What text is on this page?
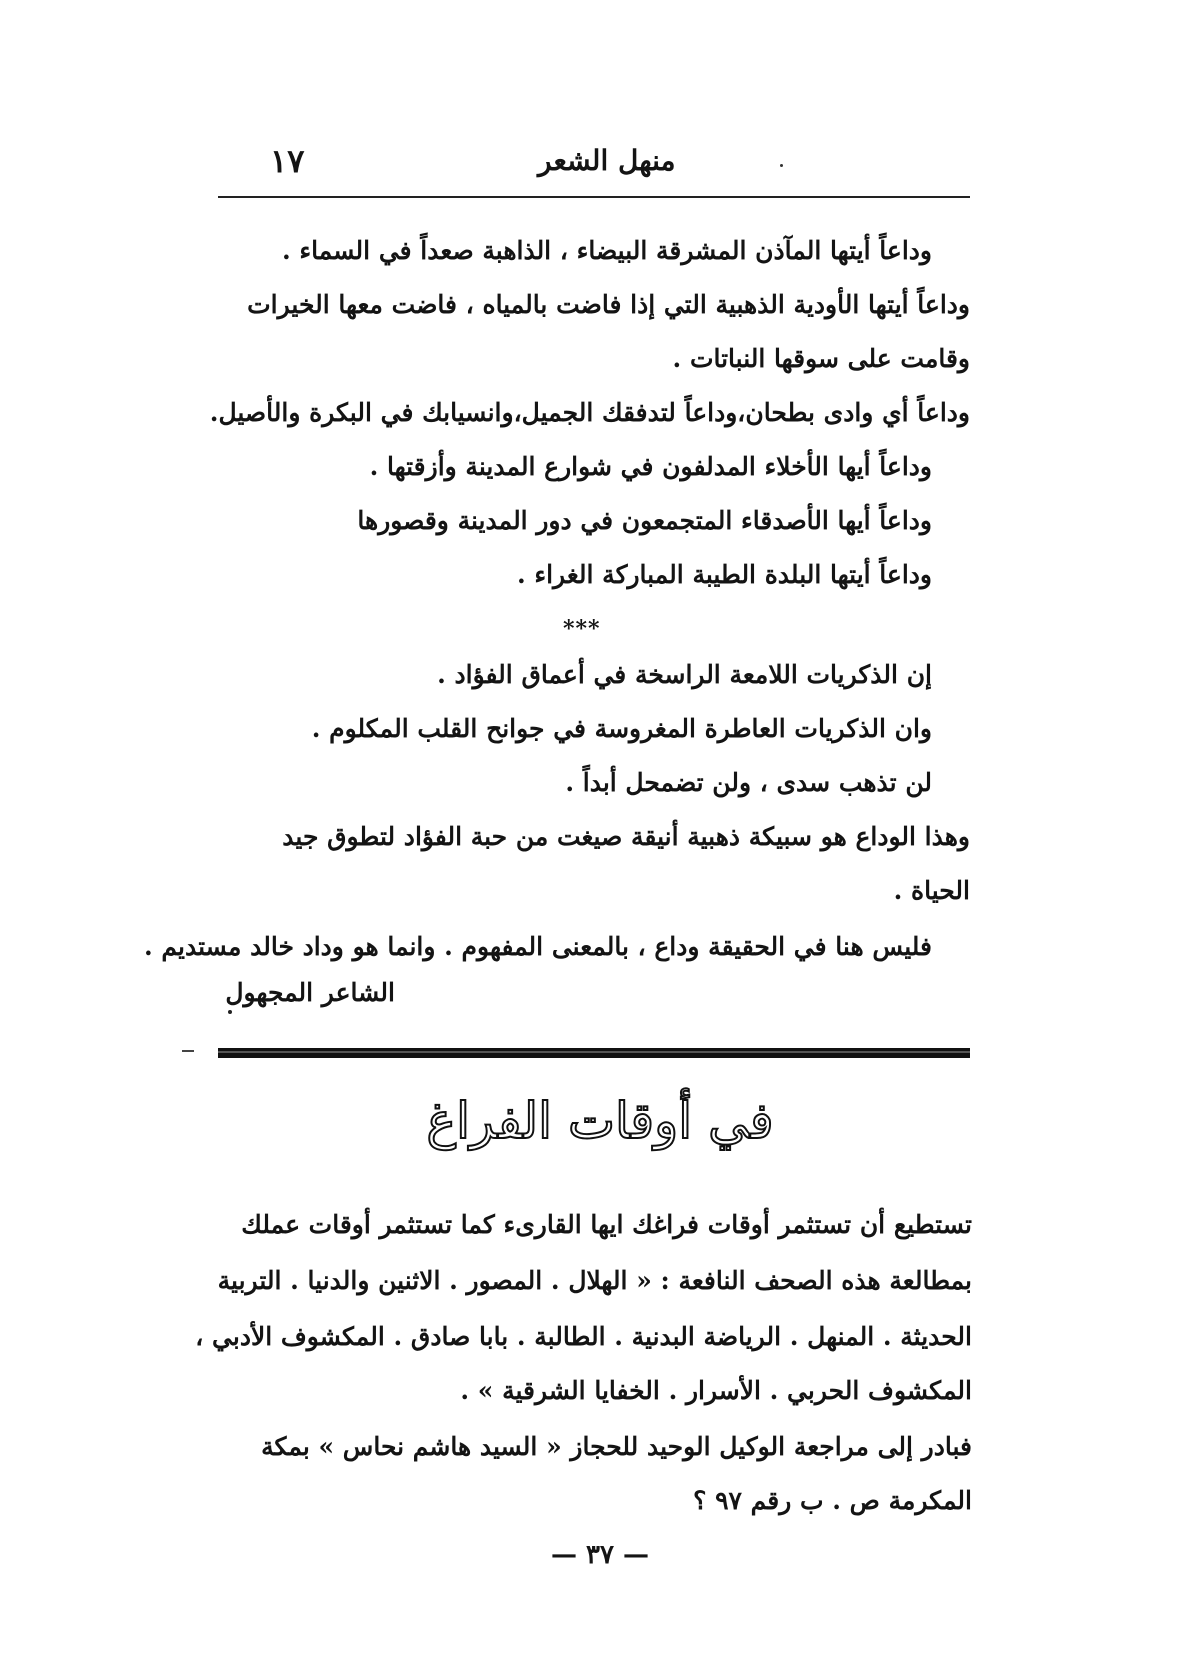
١٧	منهل الشعر
وداعاً أيتها المآذن المشرقة البيضاء ، الذاهبة صعداً في السماء .
وداعاً أيتها الأودية الذهبية التي إذا فاضت بالمياه ، فاضت معها الخيرات
وقامت على سوقها النباتات .
وداعاً أي وادى بطحان،وداعاً لتدفقك الجميل،وانسيابك في البكرة والأصيل.
وداعاً أيها الأخلاء المدلفون في شوارع المدينة وأزقتها .
وداعاً أيها الأصدقاء المتجمعون في دور المدينة وقصورها
وداعاً أيتها البلدة الطيبة المباركة الغراء .
***
إن الذكريات اللامعة الراسخة في أعماق الفؤاد .
وان الذكريات العاطرة المغروسة في جوانح القلب المكلوم .
لن تذهب سدى ، ولن تضمحل أبداً .
وهذا الوداع هو سبيكة ذهبية أنيقة صيغت من حبة الفؤاد لتطوق جيد
الحياة .
فليس هنا في الحقيقة وداع ، بالمعنى المفهوم . وانما هو وداد خالد مستديم .
الشاعر المجهول
في أوقات الفراغ
تستطيع أن تستثمر أوقات فراغك ايها القارىء كما تستثمر أوقات عملك
بمطالعة هذه الصحف النافعة : « الهلال . المصور . الاثنين والدنيا . التربية
الحديثة . المنهل . الرياضة البدنية . الطالبة . بابا صادق . المكشوف الأدبي ،
المكشوف الحربي . الأسرار . الخفايا الشرقية » .
فبادر إلى مراجعة الوكيل الوحيد للحجاز « السيد هاشم نحاس » بمكة
المكرمة ص . ب رقم ٩٧ ؟
— ٣٧ —
